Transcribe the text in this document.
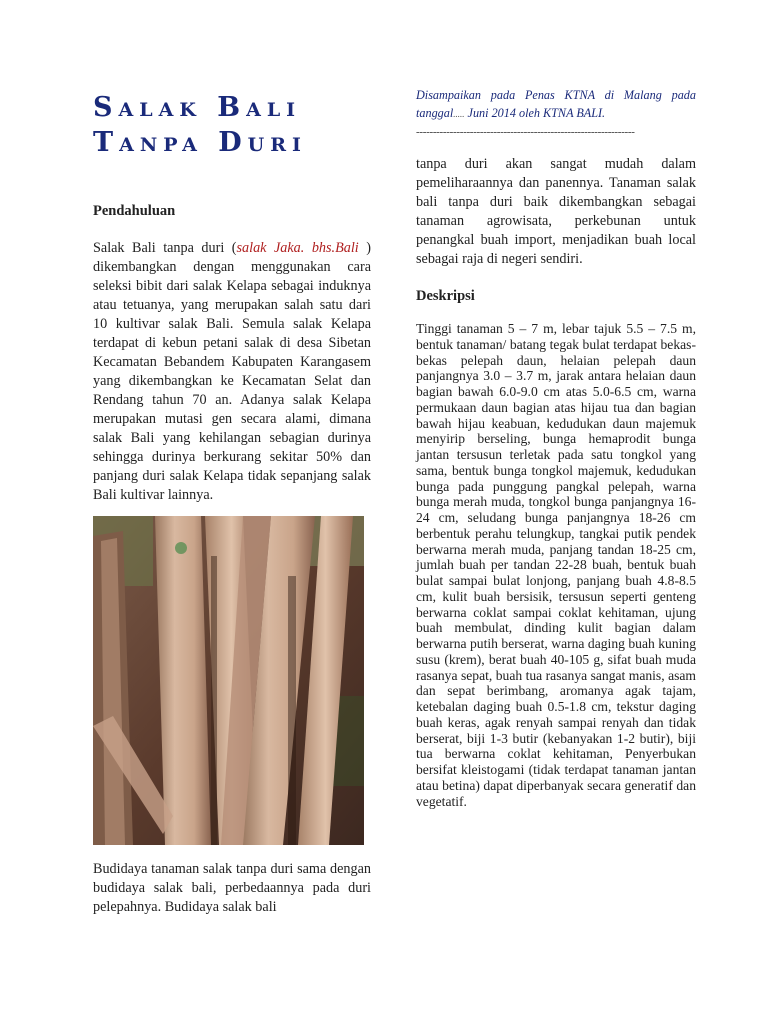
Salak Bali
Tanpa Duri

Pendahuluan

Salak Bali tanpa duri (salak Jaka. bhs.Bali ) dikembangkan dengan menggunakan cara seleksi bibit dari salak Kelapa sebagai induknya atau tetuanya, yang merupakan salah satu dari 10 kultivar salak Bali. Semula salak Kelapa terdapat di kebun petani salak di desa Sibetan Kecamatan Bebandem Kabupaten Karangasem yang dikembangkan ke Kecamatan Selat dan Rendang tahun 70 an. Adanya salak Kelapa merupakan mutasi gen secara alami, dimana salak Bali yang kehilangan sebagian durinya sehingga durinya berkurang sekitar 50% dan panjang duri salak Kelapa tidak sepanjang salak Bali kultivar lainnya.

Budidaya tanaman salak tanpa duri sama dengan budidaya salak bali, perbedaannya pada duri pelepahnya. Budidaya salak bali

Disampaikan pada Penas KTNA di Malang pada tanggal..... Juni 2014 oleh KTNA BALI.

-----------------------------------------------------------------

tanpa duri akan sangat mudah dalam pemeliharaannya dan panennya. Tanaman salak bali tanpa duri baik dikembangkan sebagai tanaman agrowisata, perkebunan untuk penangkal buah import, menjadikan buah local sebagai raja di negeri sendiri.

Deskripsi

Tinggi tanaman 5 – 7 m, lebar tajuk 5.5 – 7.5 m, bentuk tanaman/ batang tegak bulat terdapat bekas-bekas pelepah daun, helaian pelepah daun panjangnya 3.0 – 3.7 m, jarak antara helaian daun bagian bawah 6.0-9.0 cm atas 5.0-6.5 cm, warna permukaan daun bagian atas hijau tua dan bagian bawah hijau keabuan, kedudukan daun majemuk menyirip berseling, bunga hemaprodit bunga jantan tersusun terletak pada satu tongkol yang sama, bentuk bunga tongkol majemuk, kedudukan bunga pada punggung pangkal pelepah, warna bunga merah muda, tongkol bunga panjangnya 16-24 cm, seludang bunga panjangnya 18-26 cm berbentuk perahu telungkup, tangkai putik pendek berwarna merah muda, panjang tandan 18-25 cm, jumlah buah per tandan 22-28 buah, bentuk buah bulat sampai bulat lonjong, panjang buah 4.8-8.5 cm, kulit buah bersisik, tersusun seperti genteng berwarna coklat sampai coklat kehitaman, ujung buah membulat, dinding kulit bagian dalam berwarna putih berserat, warna daging buah kuning susu (krem), berat buah 40-105 g, sifat buah muda rasanya sepat, buah tua rasanya sangat manis, asam dan sepat berimbang, aromanya agak tajam, ketebalan daging buah 0.5-1.8 cm, tekstur daging buah keras, agak renyah sampai renyah dan tidak berserat, biji 1-3 butir (kebanyakan 1-2 butir), biji tua berwarna coklat kehitaman, Penyerbukan bersifat kleistogami (tidak terdapat tanaman jantan atau betina) dapat diperbanyak secara generatif dan vegetatif.
